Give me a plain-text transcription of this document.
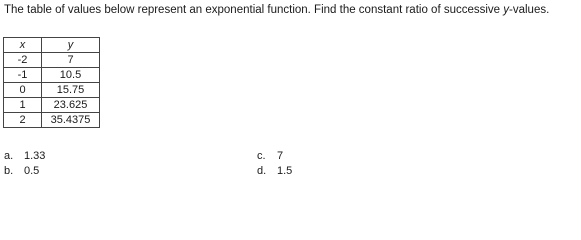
The table of values below represent an exponential function. Find the constant ratio of successive y-values.
x	y
-2	7
-1	10.5
0	15.75
1	23.625
2	35.4375
a. 1.33
b. 0.5
c. 7
d. 1.5
